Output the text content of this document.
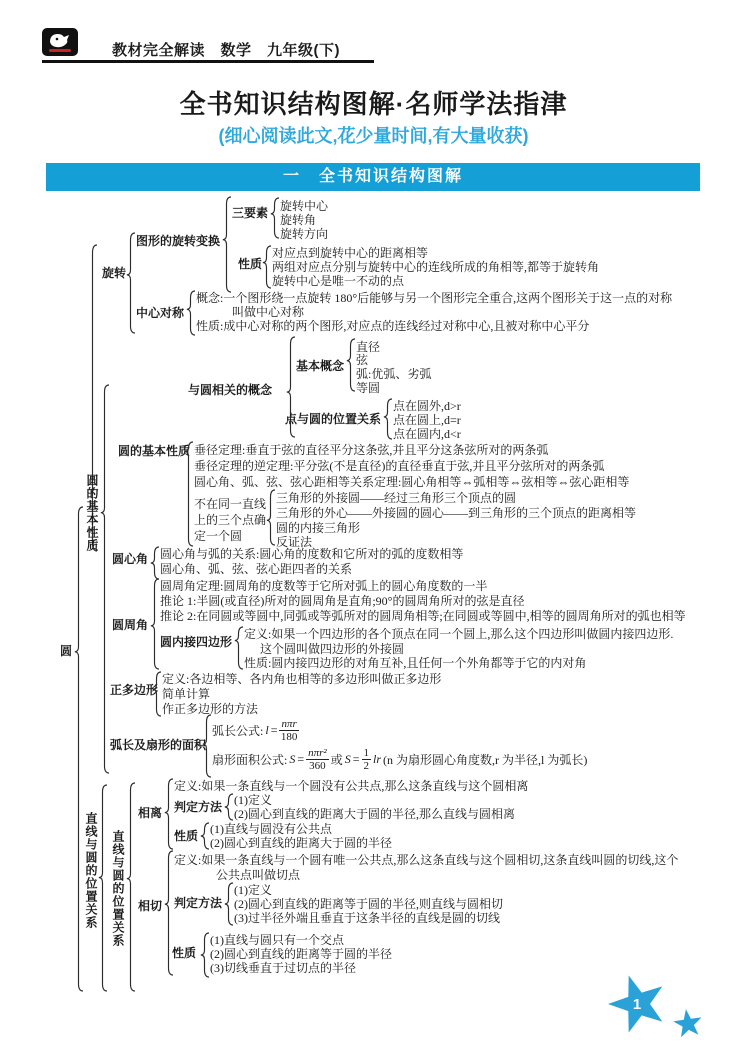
教材完全解读　数学　九年级(下)
全书知识结构图解·名师学法指津
(细心阅读此文,花少量时间,有大量收获)
一　全书知识结构图解
旋转
图形的旋转变换
三要素 旋转中心
旋转角
旋转方向
性质
对应点到旋转中心的距离相等
两组对应点分别与旋转中心的连线所成的角相等,都等于旋转角
旋转中心是唯一不动的点
中心对称
概念:一个图形绕一点旋转 180°后能够与另一个图形完全重合,这两个图形关于这一点的对称
叫做中心对称
性质:成中心对称的两个图形,对应点的连线经过对称中心,且被对称中心平分
圆
圆的基本性质
与圆相关的概念
基本概念
直径
弦
弧:优弧、劣弧
等圆
点与圆的位置关系
点在圆外,d>r
点在圆上,d=r
点在圆内,d<r
圆的基本性质 垂径定理:垂直于弦的直径平分这条弦,并且平分这条弦所对的两条弧
垂径定理的逆定理:平分弦(不是直径)的直径垂直于弦,并且平分弦所对的两条弧
圆心角、弧、弦、弦心距相等关系定理:圆心角相等⇔弧相等⇔弦相等⇔弦心距相等
不在同一直线
上的三个点确
定一个圆
三角形的外接圆——经过三角形三个顶点的圆
三角形的外心——外接圆的圆心——到三角形的三个顶点的距离相等
圆的内接三角形
反证法
圆心角 圆心角与弧的关系:圆心角的度数和它所对的弧的度数相等
圆心角、弧、弦、弦心距四者的关系
圆周角
圆周角定理:圆周角的度数等于它所对弧上的圆心角度数的一半
推论 1:半圆(或直径)所对的圆周角是直角;90°的圆周角所对的弦是直径
推论 2:在同圆或等圆中,同弧或等弧所对的圆周角相等;在同圆或等圆中,相等的圆周角所对的弧也相等
圆内接四边形
定义:如果一个四边形的各个顶点在同一个圆上,那么这个四边形叫做圆内接四边形.
这个圆叫做四边形的外接圆
性质:圆内接四边形的对角互补,且任何一个外角都等于它的内对角
正多边形
定义:各边相等、各内角也相等的多边形叫做正多边形
简单计算
作正多边形的方法
弧长及扇形的面积
弧长公式: $l = \frac{\text{nπr}}{180}$
扇形面积公式: $S = \frac{\text{nπr²}}{360}$ 或 $S = \frac{1}{2}$ lr (n 为扇形圆心角度数,r 为半径,l 为弧长)
直线与圆的位置关系 直线与圆的位置关系
相离
定义:如果一条直线与一个圆没有公共点,那么这条直线与这个圆相离
判定方法 (1)定义
(2)圆心到直线的距离大于圆的半径,那么直线与圆相离
性质 (1)直线与圆没有公共点
(2)圆心到直线的距离大于圆的半径
相切
定义:如果一条直线与一个圆有唯一公共点,那么这条直线与这个圆相切,这条直线叫圆的切线,这个
公共点叫做切点
判定方法
(1)定义
(2)圆心到直线的距离等于圆的半径,则直线与圆相切
(3)过半径外端且垂直于这条半径的直线是圆的切线
性质
(1)直线与圆只有一个交点
(2)圆心到直线的距离等于圆的半径
(3)切线垂直于过切点的半径
1
